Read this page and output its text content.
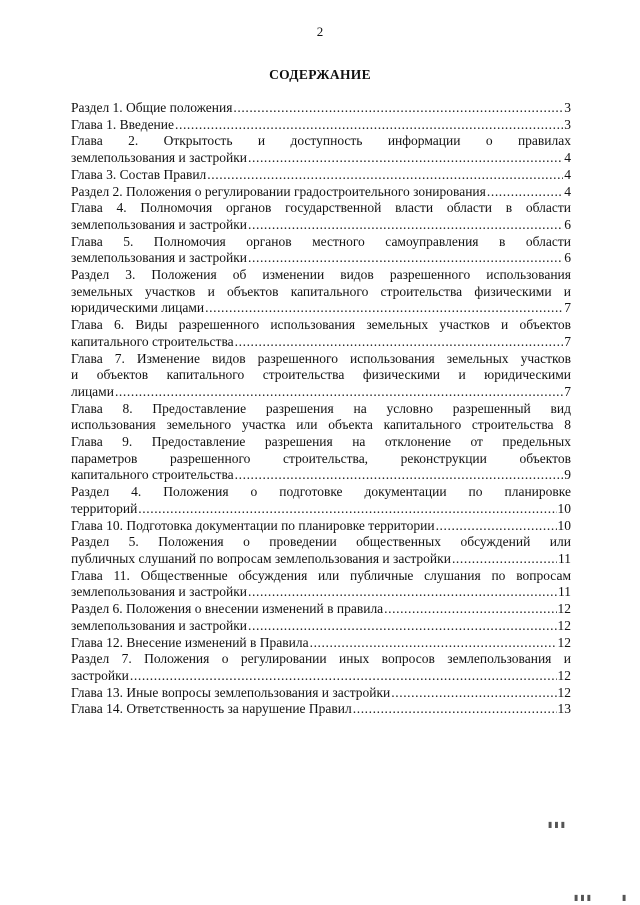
2
СОДЕРЖАНИЕ
Раздел 1. Общие положения .....	3
Глава 1. Введение .....	3
Глава 2. Открытость и доступность информации о правилах
землепользования и застройки .....	4
Глава 3. Состав Правил .....	4
Раздел 2. Положения о регулировании градостроительного зонирования .....	4
Глава 4. Полномочия органов государственной власти области в области
землепользования и застройки .....	6
Глава 5. Полномочия органов местного самоуправления в области
землепользования и застройки .....	6
Раздел 3. Положения об изменении видов разрешенного использования
земельных участков и объектов капитального строительства физическими и
юридическими лицами .....	7
Глава 6. Виды разрешенного использования земельных участков и объектов
капитального строительства .....	7
Глава 7. Изменение видов разрешенного использования земельных участков
и объектов капитального строительства физическими и юридическими
лицами .....	7
Глава 8. Предоставление разрешения на условно разрешенный вид
использования земельного участка или объекта капитального строительства 8
Глава 9. Предоставление разрешения на отклонение от предельных
параметров разрешенного строительства, реконструкции объектов
капитального строительства .....	9
Раздел 4. Положения о подготовке документации по планировке
территорий .....	10
Глава 10. Подготовка документации по планировке территории .....	10
Раздел 5. Положения о проведении общественных обсуждений или
публичных слушаний по вопросам землепользования и застройки .....	11
Глава 11. Общественные обсуждения или публичные слушания по вопросам
землепользования и застройки .....	11
Раздел 6. Положения о внесении изменений в правила .....	12
землепользования и застройки .....	12
Глава 12. Внесение изменений в Правила .....	12
Раздел 7. Положения о регулировании иных вопросов землепользования и
застройки .....	12
Глава 13. Иные вопросы землепользования и застройки .....	12
Глава 14. Ответственность за нарушение Правил .....	13
▮▮▮
▮▮▮
▮
